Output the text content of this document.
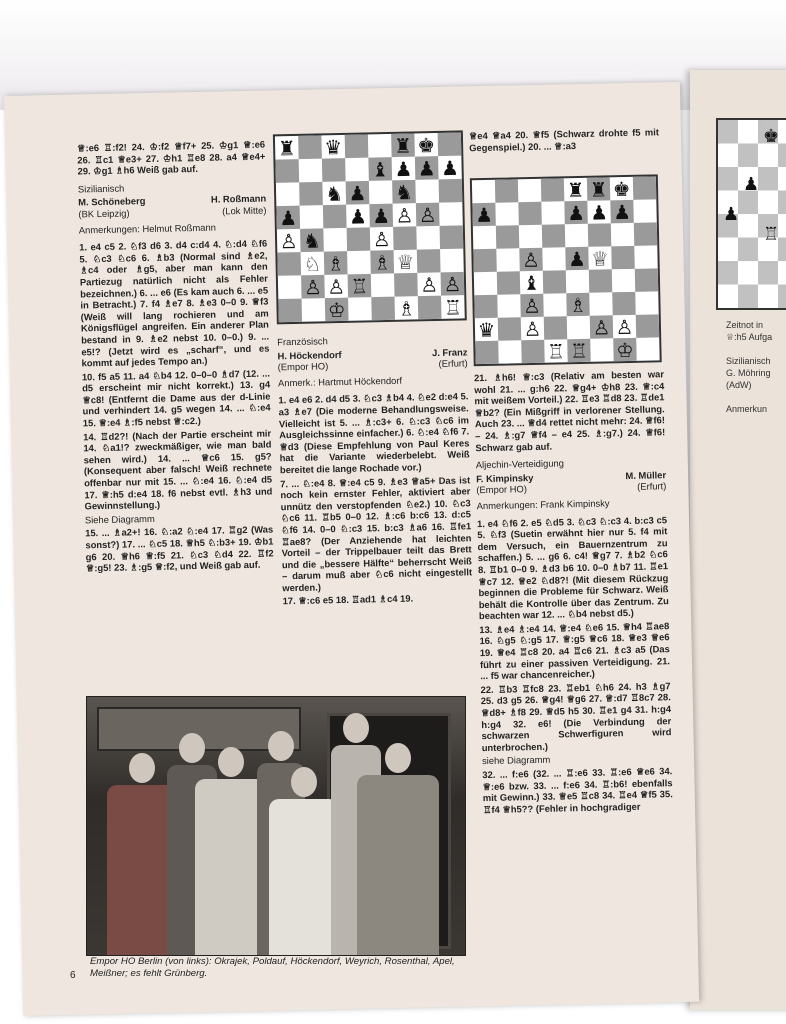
♚
♟
♟
♖
Zeitnot in
♕:h5 Aufga
Sizilianisch
G. Möhring
(AdW)
Anmerkun

♕:e6 ♖:f2! 24. ♔:f2 ♕f7+ 25. ♔g1 ♕:e6 26. ♖c1 ♕e3+ 27. ♔h1 ♖e8 28. a4 ♕e4+ 29. ♔g1 ♗h6 Weiß gab auf.

Sizilianisch

M. Schöneberg	H. Roßmann
(BK Leipzig)	(Lok Mitte)

Anmerkungen: Helmut Roßmann

1. e4 c5 2. ♘f3 d6 3. d4 c:d4 4. ♘:d4 ♘f6 5. ♘c3 ♘c6 6. ♗b3 (Normal sind ♗e2, ♗c4 oder ♗g5, aber man kann den Partiezug natürlich nicht als Fehler bezeichnen.) 6. ... e6 (Es kam auch 6. ... e5 in Betracht.) 7. f4 ♗e7 8. ♗e3 0–0 9. ♕f3 (Weiß will lang rochieren und am Königsflügel angreifen. Ein anderer Plan bestand in 9. ♗e2 nebst 10. 0–0.) 9. ... e5!? (Jetzt wird es „scharf“, und es kommt auf jedes Tempo an.)

10. f5 a5 11. a4 ♘b4 12. 0–0–0 ♗d7 (12. ... d5 erscheint mir nicht korrekt.) 13. g4 ♕c8! (Entfernt die Dame aus der d-Linie und verhindert 14. g5 wegen 14. ... ♘:e4 15. ♕:e4 ♗:f5 nebst ♕:c2.)

14. ♖d2?! (Nach der Partie erscheint mir 14. ♘a1!? zweckmäßiger, wie man bald sehen wird.) 14. ... ♕c6 15. g5? (Konsequent aber falsch! Weiß rechnete offenbar nur mit 15. ... ♘:e4 16. ♘:e4 d5 17. ♕:h5 d:e4 18. f6 nebst evtl. ♗h3 und Gewinnstellung.)

Siehe Diagramm

15. ... ♗a2+! 16. ♘:a2 ♘:e4 17. ♖g2 (Was sonst?) 17. ... ♘c5 18. ♕h5 ♘:b3+ 19. ♔b1 g6 20. ♕h6 ♕:f5 21. ♘c3 ♘d4 22. ♖f2 ♕:g5! 23. ♗:g5 ♕:f2, und Weiß gab auf.

Französisch

H. Höckendorf	J. Franz
(Empor HO)	(Erfurt)

Anmerk.: Hartmut Höckendorf

1. e4 e6 2. d4 d5 3. ♘c3 ♗b4 4. ♘e2 d:e4 5. a3 ♗e7 (Die moderne Behandlungsweise. Vielleicht ist 5. ... ♗:c3+ 6. ♘:c3 ♘c6 im Ausgleichssinne einfacher.) 6. ♘:e4 ♘f6 7. ♕d3 (Diese Empfehlung von Paul Keres hat die Variante wiederbelebt. Weiß bereitet die lange Rochade vor.)

7. ... ♘:e4 8. ♕:e4 c5 9. ♗e3 ♕a5+ Das ist noch kein ernster Fehler, aktiviert aber unnütz den verstopfenden ♘e2.) 10. ♘c3 ♘c6 11. ♖b5 0–0 12. ♗:c6 b:c6 13. d:c5 ♘f6 14. 0–0 ♘:c3 15. b:c3 ♗a6 16. ♖fe1 ♖ae8? (Der Anziehende hat leichten Vorteil – der Trippelbauer teilt das Brett und die „bessere Hälfte“ beherrscht Weiß – darum muß aber ♘c6 nicht eingestellt werden.)

17. ♕:c6 e5 18. ♖ad1 ♗c4 19.

♕e4 ♕a4 20. ♕f5 (Schwarz drohte f5 mit Gegenspiel.) 20. ... ♕:a3

21. ♗h6! ♕:c3 (Relativ am besten war wohl 21. ... g:h6 22. ♕g4+ ♔h8 23. ♕:c4 mit weißem Vorteil.) 22. ♖e3 ♖d8 23. ♖de1 ♕b2? (Ein Mißgriff in verlorener Stellung. Auch 23. ... ♕d4 rettet nicht mehr: 24. ♕f6! – 24. ♗:g7 ♕f4 – e4 25. ♗:g7.) 24. ♕f6! Schwarz gab auf.

Aljechin-Verteidigung

F. Kimpinsky	M. Müller
(Empor HO)	(Erfurt)

Anmerkungen: Frank Kimpinsky

1. e4 ♘f6 2. e5 ♘d5 3. ♘c3 ♘:c3 4. b:c3 c5 5. ♘f3 (Suetin erwähnt hier nur 5. f4 mit dem Versuch, ein Bauernzentrum zu schaffen.) 5. ... g6 6. c4! ♕g7 7. ♗b2 ♘c6 8. ♖b1 0–0 9. ♗d3 b6 10. 0–0 ♗b7 11. ♖e1 ♕c7 12. ♕e2 ♘d8?! (Mit diesem Rückzug beginnen die Probleme für Schwarz. Weiß behält die Kontrolle über das Zentrum. Zu beachten war 12. ... ♘b4 nebst d5.)

13. ♗e4 ♗:e4 14. ♕:e4 ♘e6 15. ♕h4 ♖ae8 16. ♘g5 ♘:g5 17. ♕:g5 ♕c6 18. ♕e3 ♕e6 19. ♕e4 ♖c8 20. a4 ♖c6 21. ♗c3 a5 (Das führt zu einer passiven Verteidigung. 21. ... f5 war chancenreicher.)

22. ♖b3 ♖fc8 23. ♖eb1 ♘h6 24. h3 ♗g7 25. d3 g5 26. ♕g4! ♕g6 27. ♕:d7 ♖8c7 28. ♕d8+ ♗f8 29. ♕d5 h5 30. ♖e1 g4 31. h:g4 h:g4 32. e6! (Die Verbindung der schwarzen Schwerfiguren wird unterbrochen.)

siehe Diagramm

32. ... f:e6 (32. ... ♖:e6 33. ♖:e6 ♕e6 34. ♕:e6 bzw. 33. ... f:e6 34. ♖:b6! ebenfalls mit Gewinn.) 33. ♕e5 ♖c8 34. ♖e4 ♕f5 35. ♖f4 ♕h5?? (Fehler in hochgradiger

Empor HO Berlin (von links): Okrajek, Poldauf, Höckendorf, Weyrich, Rosenthal, Apel, Meißner; es fehlt Grünberg.
6
